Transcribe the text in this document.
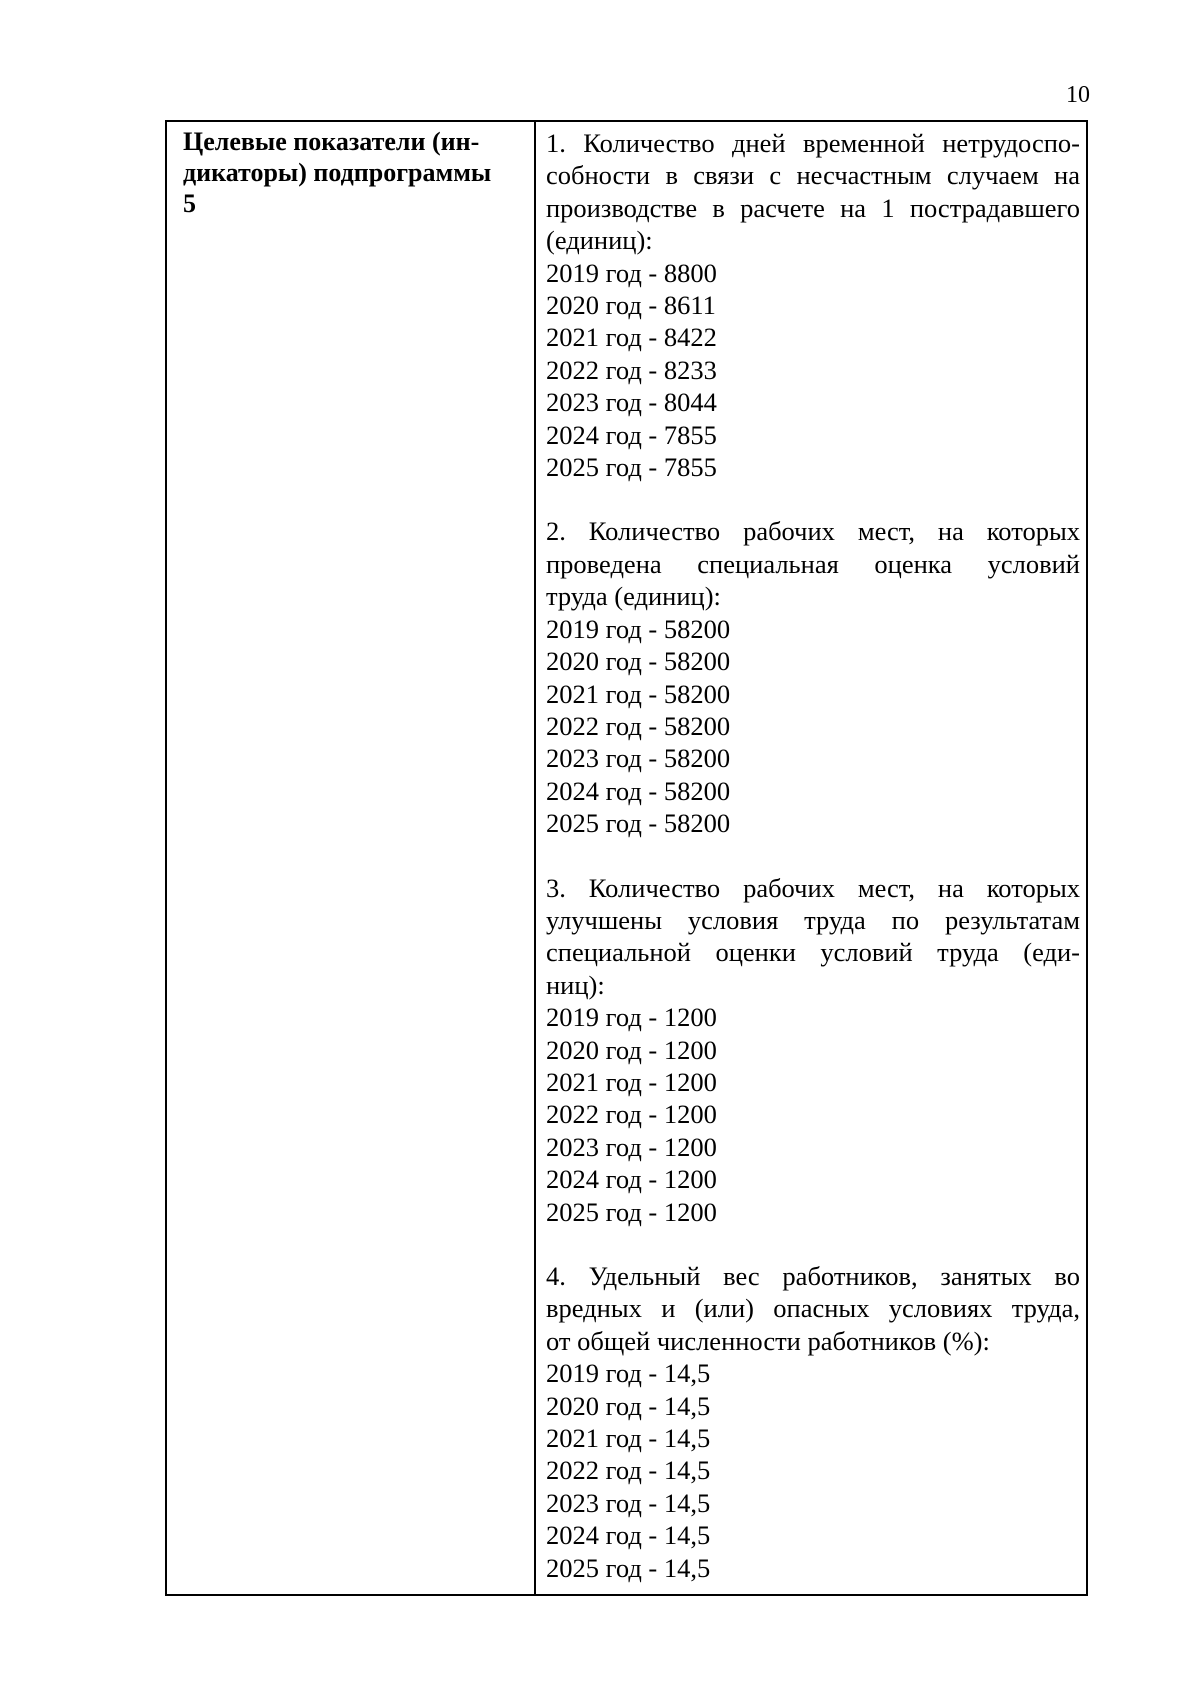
10
Целевые показатели (ин-
дикаторы) подпрограммы
5
1. Количество дней временной нетрудоспо-
собности в связи с несчастным случаем на
производстве в расчете на 1 пострадавшего
(единиц):
2019 год - 8800
2020 год - 8611
2021 год - 8422
2022 год - 8233
2023 год - 8044
2024 год - 7855
2025 год - 7855
2. Количество рабочих мест, на которых
проведена специальная оценка условий
труда (единиц):
2019 год - 58200
2020 год - 58200
2021 год - 58200
2022 год - 58200
2023 год - 58200
2024 год - 58200
2025 год - 58200
3. Количество рабочих мест, на которых
улучшены условия труда по результатам
специальной оценки условий труда (еди-
ниц):
2019 год - 1200
2020 год - 1200
2021 год - 1200
2022 год - 1200
2023 год - 1200
2024 год - 1200
2025 год - 1200
4. Удельный вес работников, занятых во
вредных и (или) опасных условиях труда,
от общей численности работников (%):
2019 год - 14,5
2020 год - 14,5
2021 год - 14,5
2022 год - 14,5
2023 год - 14,5
2024 год - 14,5
2025 год - 14,5
